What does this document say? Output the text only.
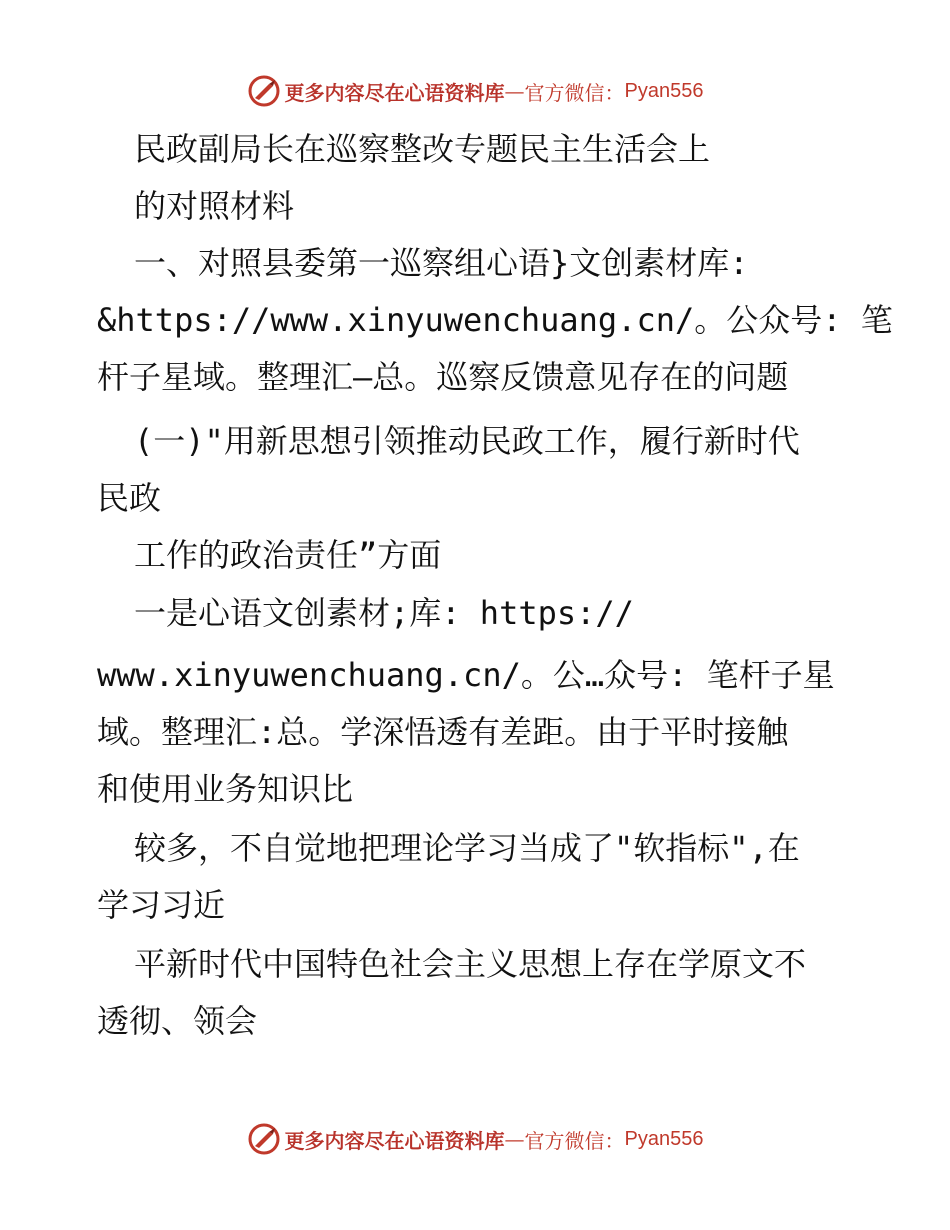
更多内容尽在心语资料库 — 官方微信： Pyan556
民政副局长在巡察整改专题民主生活会上
的对照材料
一、对照县委第一巡察组心语}文创素材库:
&https://www.xinyuwenchuang.cn/。公众号: 笔
杆子星域。整理汇—总。巡察反馈意见存在的问题
(一)"用新思想引领推动民政工作，履行新时代
民政
工作的政治责任”方面
一是心语文创素材;库: https://
www.xinyuwenchuang.cn/。公…众号: 笔杆子星
域。整理汇:总。学深悟透有差距。由于平时接触
和使用业务知识比
较多，不自觉地把理论学习当成了"软指标",在
学习习近
平新时代中国特色社会主义思想上存在学原文不
透彻、领会
更多内容尽在心语资料库 — 官方微信： Pyan556
